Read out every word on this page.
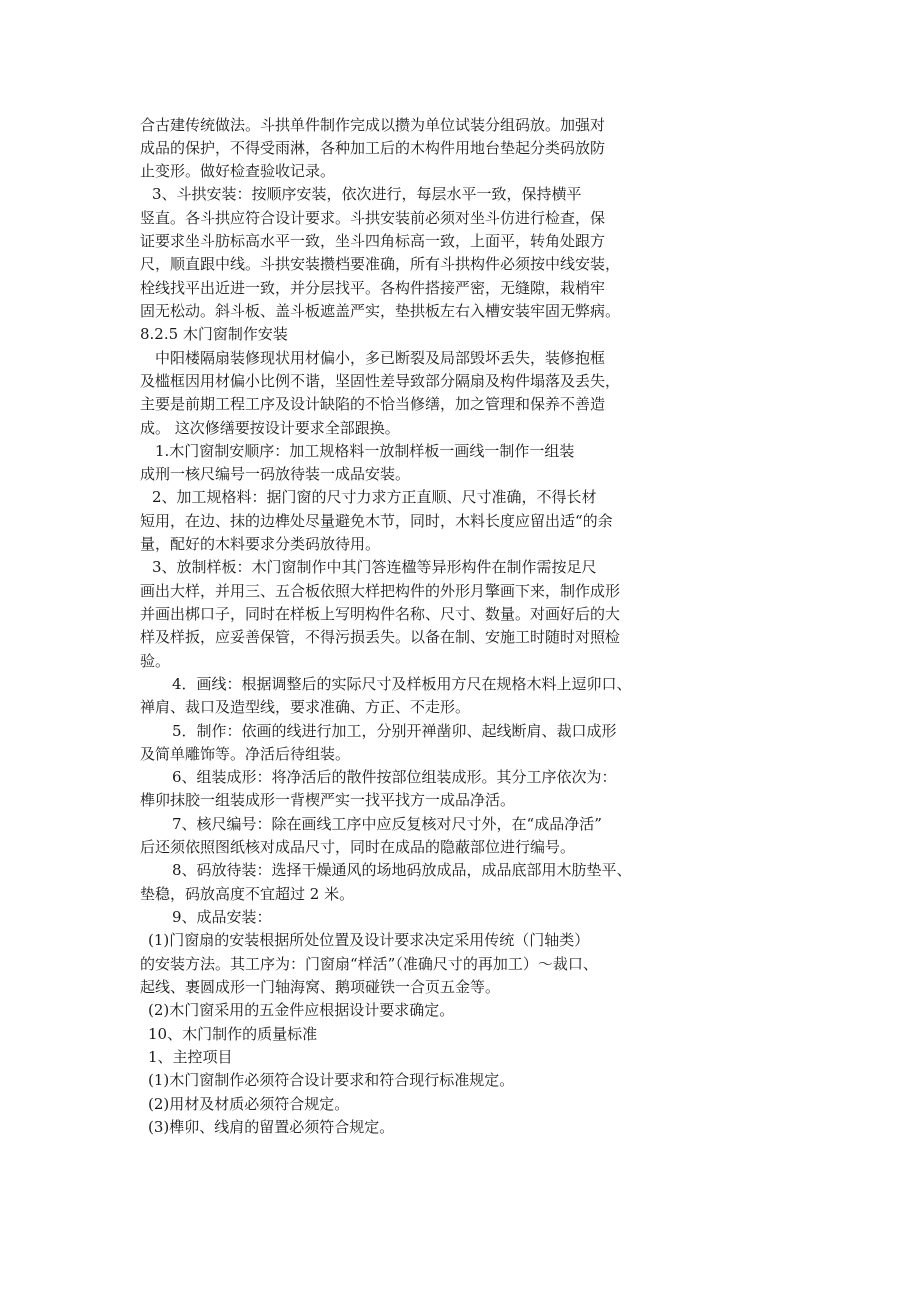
合古建传统做法。斗拱单件制作完成以攒为单位试装分组码放。加强对
成品的保护，不得受雨淋，各种加工后的木构件用地台垫起分类码放防
止变形。做好检查验收记录。
3、斗拱安装：按顺序安装，依次进行，每层水平一致，保持横平
竖直。各斗拱应符合设计要求。斗拱安装前必须对坐斗仿进行检查，保
证要求坐斗肪标高水平一致，坐斗四角标高一致，上面平，转角处跟方
尺，顺直跟中线。斗拱安装攒档要准确，所有斗拱构件必须按中线安装，
栓线找平出近进一致，并分层找平。各构件搭接严密，无缝隙，栽梢牢
固无松动。斜斗板、盖斗板遮盖严实，垫拱板左右入槽安装牢固无弊病。
8.2.5 木门窗制作安装
中阳楼隔扇装修现状用材偏小，多已断裂及局部毁坏丢失，装修抱框
及槛框因用材偏小比例不谐，坚固性差导致部分隔扇及构件塌落及丢失，
主要是前期工程工序及设计缺陷的不恰当修缮，加之管理和保养不善造
成。 这次修缮要按设计要求全部跟换。
1.木门窗制安顺序：加工规格料一放制样板一画线一制作一组装
成刑一核尺编号一码放待装一成品安装。
2、加工规格料：据门窗的尺寸力求方正直顺、尺寸准确，不得长材
短用，在边、抹的边榫处尽量避免木节，同时，木料长度应留出适“的余
量，配好的木料要求分类码放待用。
3、放制样板：木门窗制作中其门答连楹等异形构件在制作需按足尺
画出大样，并用三、五合板依照大样把构件的外形月擎画下来，制作成形
并画出梆口子，同时在样板上写明构件名称、尺寸、数量。对画好后的大
样及样扳，应妥善保管，不得污损丢失。以备在制、安施工时随时对照检
验。
4．画线：根据调整后的实际尺寸及样板用方尺在规格木料上逗卯口、
禅肩、裁口及造型线，要求准确、方正、不走形。
5．制作：依画的线进行加工，分别开禅凿卯、起线断肩、裁口成形
及简单雕饰等。净活后待组装。
6、组装成形：将净活后的散件按部位组装成形。其分工序依次为：
榫卯抹胶一组装成形一背楔严实一找平找方一成品净活。
7、核尺编号：除在画线工序中应反复核对尺寸外，在“成品净活”
后还须依照图纸核对成品尺寸，同时在成品的隐蔽部位进行编号。
8、码放待装：选择干燥通风的场地码放成品，成品底部用木肪垫平、
垫稳，码放高度不宜超过 2 米。
9、成品安装：
(1)门窗扇的安装根据所处位置及设计要求决定采用传统（门轴类）
的安装方法。其工序为：门窗扇“样活”（准确尺寸的再加工）～裁口、
起线、裹圆成形一门轴海窝、鹅项碰铁一合页五金等。
(2)木门窗采用的五金件应根据设计要求确定。
10、木门制作的质量标准
1、主控项目
(1)木门窗制作必须符合设计要求和符合现行标准规定。
(2)用材及材质必须符合规定。
(3)榫卯、线肩的留置必须符合规定。
